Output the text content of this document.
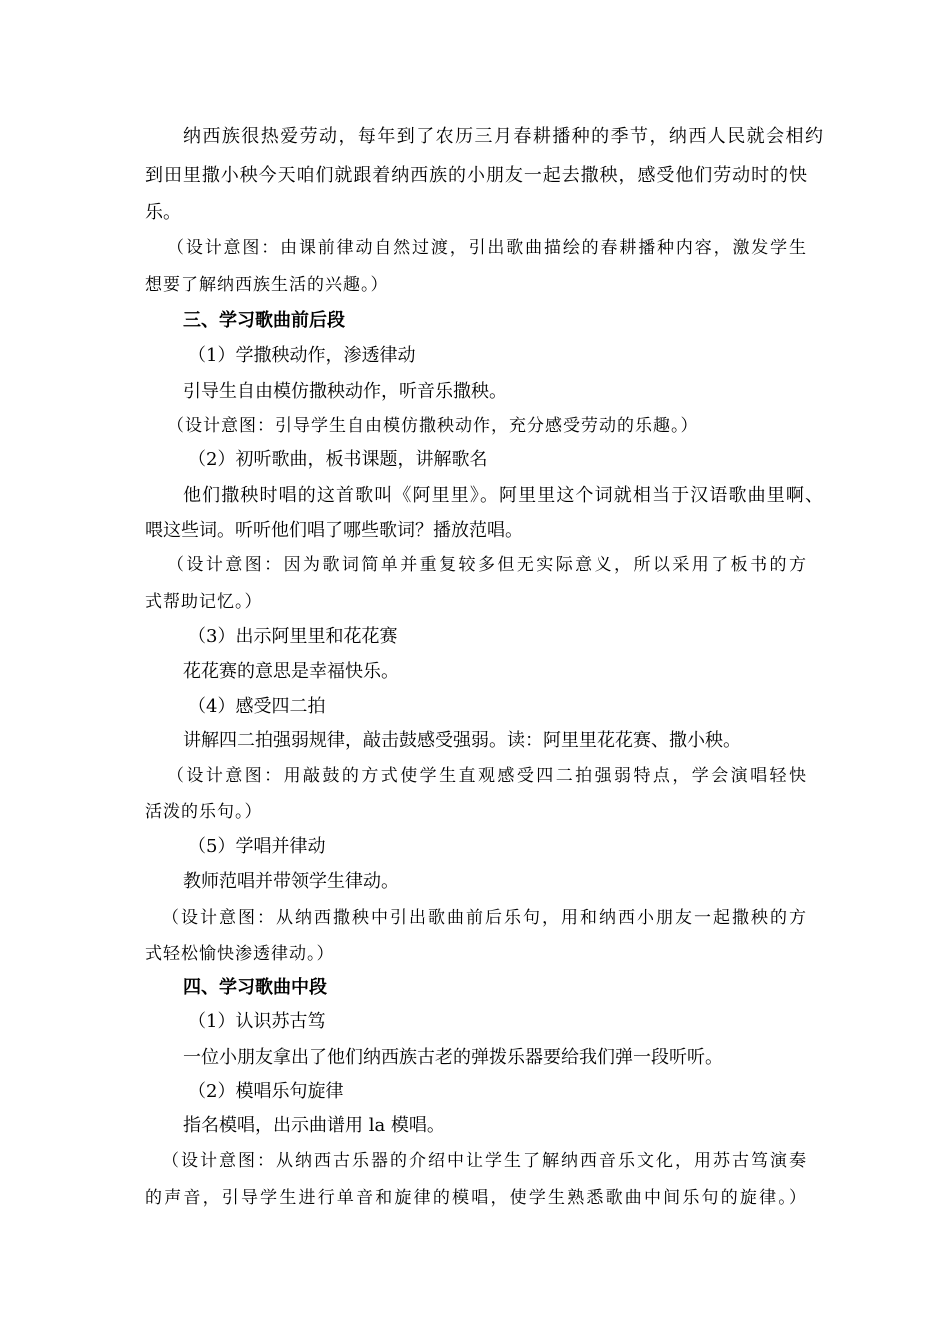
纳西族很热爱劳动，每年到了农历三月春耕播种的季节，纳西人民就会相约

到田里撒小秧今天咱们就跟着纳西族的小朋友一起去撒秧，感受他们劳动时的快

乐。

（设计意图：由课前律动自然过渡，引出歌曲描绘的春耕播种内容，激发学生

想要了解纳西族生活的兴趣。）

三、学习歌曲前后段

（1）学撒秧动作，渗透律动

引导生自由模仿撒秧动作，听音乐撒秧。

（设计意图：引导学生自由模仿撒秧动作，充分感受劳动的乐趣。）

（2）初听歌曲，板书课题，讲解歌名

他们撒秧时唱的这首歌叫《阿里里》。阿里里这个词就相当于汉语歌曲里啊、

喂这些词。听听他们唱了哪些歌词？播放范唱。

（设计意图：因为歌词简单并重复较多但无实际意义，所以采用了板书的方

式帮助记忆。）

（3）出示阿里里和花花赛

花花赛的意思是幸福快乐。

（4）感受四二拍

讲解四二拍强弱规律，敲击鼓感受强弱。读：阿里里花花赛、撒小秧。

（设计意图：用敲鼓的方式使学生直观感受四二拍强弱特点，学会演唱轻快

活泼的乐句。）

（5）学唱并律动

教师范唱并带领学生律动。

（设计意图：从纳西撒秧中引出歌曲前后乐句，用和纳西小朋友一起撒秧的方

式轻松愉快渗透律动。）

四、学习歌曲中段

（1）认识苏古笃

一位小朋友拿出了他们纳西族古老的弹拨乐器要给我们弹一段听听。

（2）模唱乐句旋律

指名模唱，出示曲谱用 la 模唱。

（设计意图：从纳西古乐器的介绍中让学生了解纳西音乐文化，用苏古笃演奏

的声音，引导学生进行单音和旋律的模唱，使学生熟悉歌曲中间乐句的旋律。）
